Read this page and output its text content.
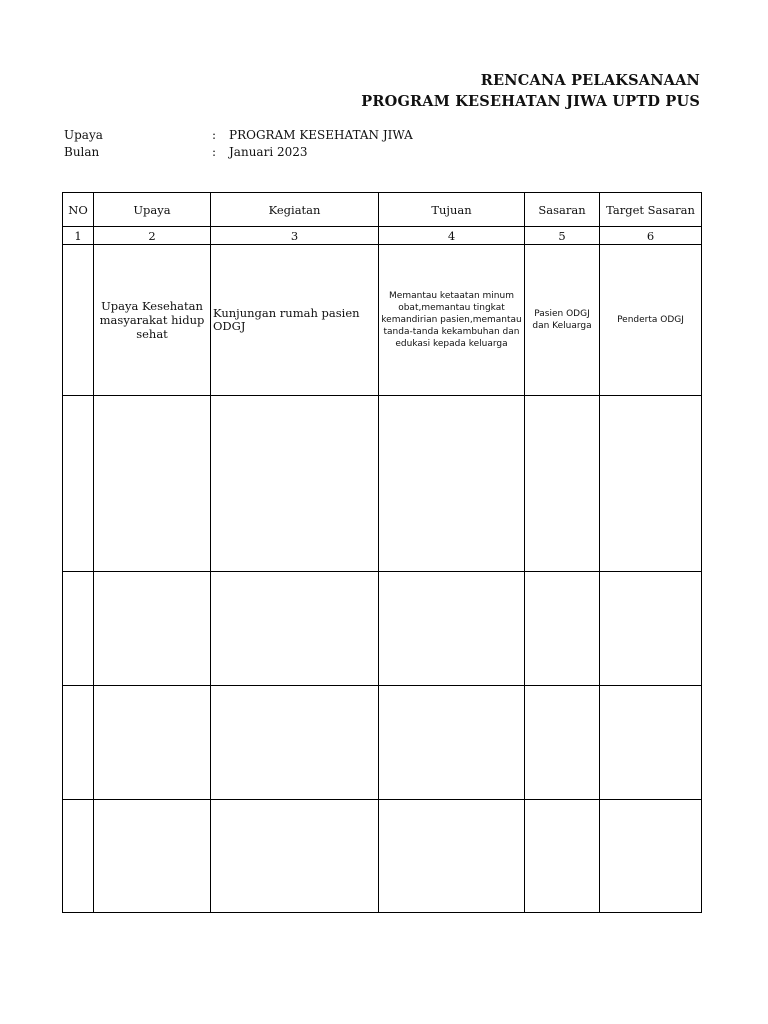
RENCANA PELAKSANAAN
PROGRAM KESEHATAN JIWA UPTD PUS
Upaya	:	PROGRAM KESEHATAN JIWA
Bulan	:	Januari 2023
NO	Upaya	Kegiatan	Tujuan	Sasaran	Target Sasaran
1	2	3	4	5	6
	Upaya Kesehatan masyarakat hidup sehat	Kunjungan rumah pasien ODGJ	Memantau ketaatan minum obat,memantau tingkat kemandirian pasien,memantau tanda-tanda kekambuhan dan edukasi kepada keluarga	Pasien ODGJ dan Keluarga	Penderta ODGJ
